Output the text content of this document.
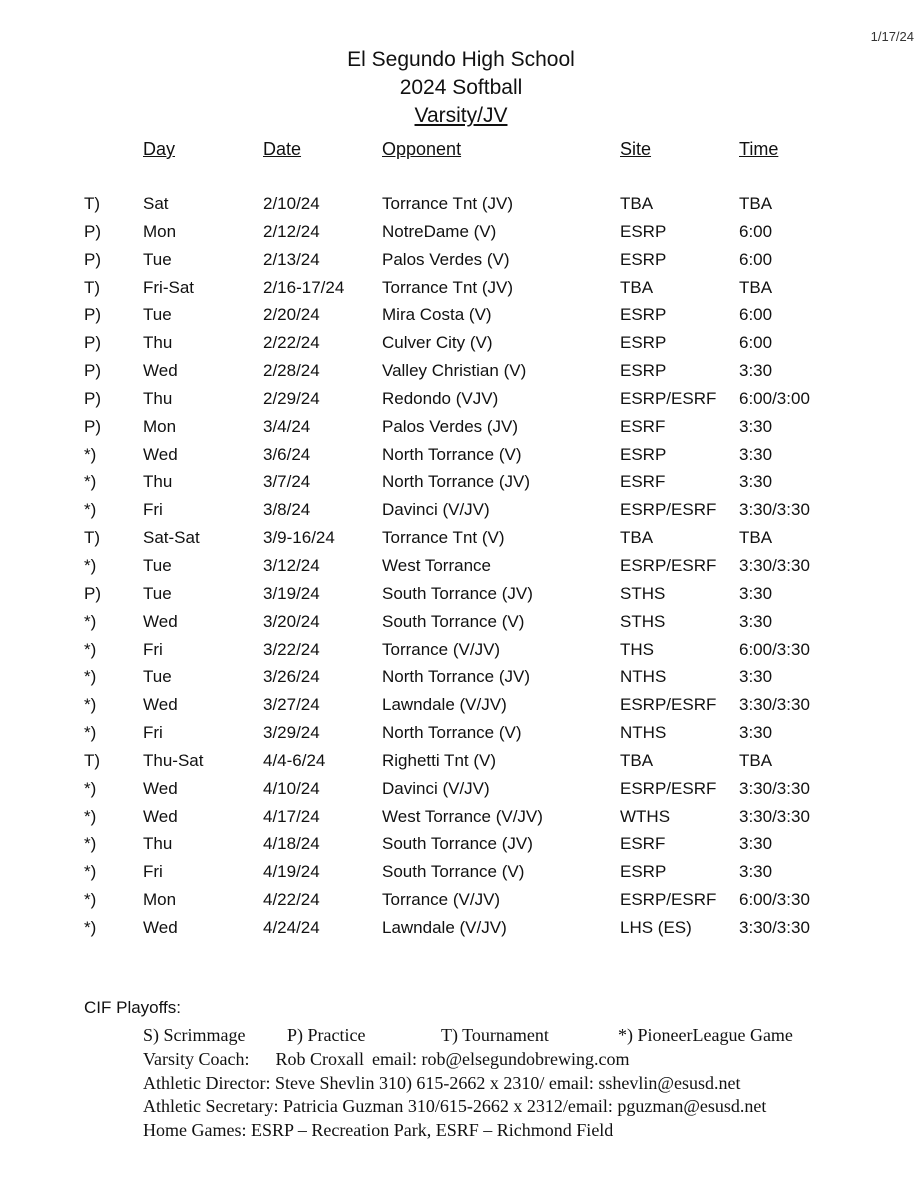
1/17/24
El Segundo High School
2024 Softball
Varsity/JV
Day	Date	Opponent	Site	Time
T)	Sat	2/10/24	Torrance Tnt (JV)	TBA	TBA
P) Mon	2/12/24	NotreDame (V)	ESRP	6:00
P) Tue	2/13/24	Palos Verdes (V)	ESRP	6:00
T)	Fri-Sat	2/16-17/24 Torrance Tnt (JV)	TBA	TBA
P) Tue	2/20/24	Mira Costa (V)	ESRP	6:00
P) Thu	2/22/24	Culver City (V)	ESRP	6:00
P) Wed	2/28/24	Valley Christian (V)	ESRP	3:30
P) Thu	2/29/24	Redondo (VJV)	ESRP/ESRF 6:00/3:00
P) Mon	3/4/24	Palos Verdes (JV)	ESRF	3:30
*)	Wed	3/6/24	North Torrance (V)	ESRP	3:30
*)	Thu	3/7/24	North Torrance (JV)	ESRF	3:30
*)	Fri	3/8/24	Davinci (V/JV)	ESRP/ESRF 3:30/3:30
T)	Sat-Sat	3/9-16/24	Torrance Tnt (V)	TBA	TBA
*)	Tue	3/12/24	West Torrance	ESRP/ESRF 3:30/3:30
P) Tue	3/19/24	South Torrance (JV)	STHS	3:30
*)	Wed	3/20/24	South Torrance (V)	STHS	3:30
*)	Fri	3/22/24	Torrance (V/JV)	THS	6:00/3:30
*)	Tue	3/26/24	North Torrance (JV)	NTHS	3:30
*)	Wed	3/27/24	Lawndale (V/JV)	ESRP/ESRF 3:30/3:30
*)	Fri	3/29/24	North Torrance (V)	NTHS	3:30
T)	Thu-Sat	4/4-6/24	Righetti Tnt (V)	TBA	TBA
*)	Wed	4/10/24	Davinci (V/JV)	ESRP/ESRF 3:30/3:30
*)	Wed	4/17/24	West Torrance (V/JV)	WTHS	3:30/3:30
*)	Thu	4/18/24	South Torrance (JV)	ESRF	3:30
*)	Fri	4/19/24	South Torrance (V)	ESRP	3:30
*)	Mon	4/22/24	Torrance (V/JV)	ESRP/ESRF 6:00/3:30
*)	Wed	4/24/24	Lawndale (V/JV)	LHS (ES)	3:30/3:30
CIF Playoffs:
S) Scrimmage P) Practice	T) Tournament	*) PioneerLeague Game
Varsity Coach: Rob Croxall email: rob@elsegundobrewing.com
Athletic Director: Steve Shevlin 310) 615-2662 x 2310/ email: sshevlin@esusd.net
Athletic Secretary: Patricia Guzman 310/615-2662 x 2312/email: pguzman@esusd.net
Home Games: ESRP – Recreation Park, ESRF – Richmond Field
